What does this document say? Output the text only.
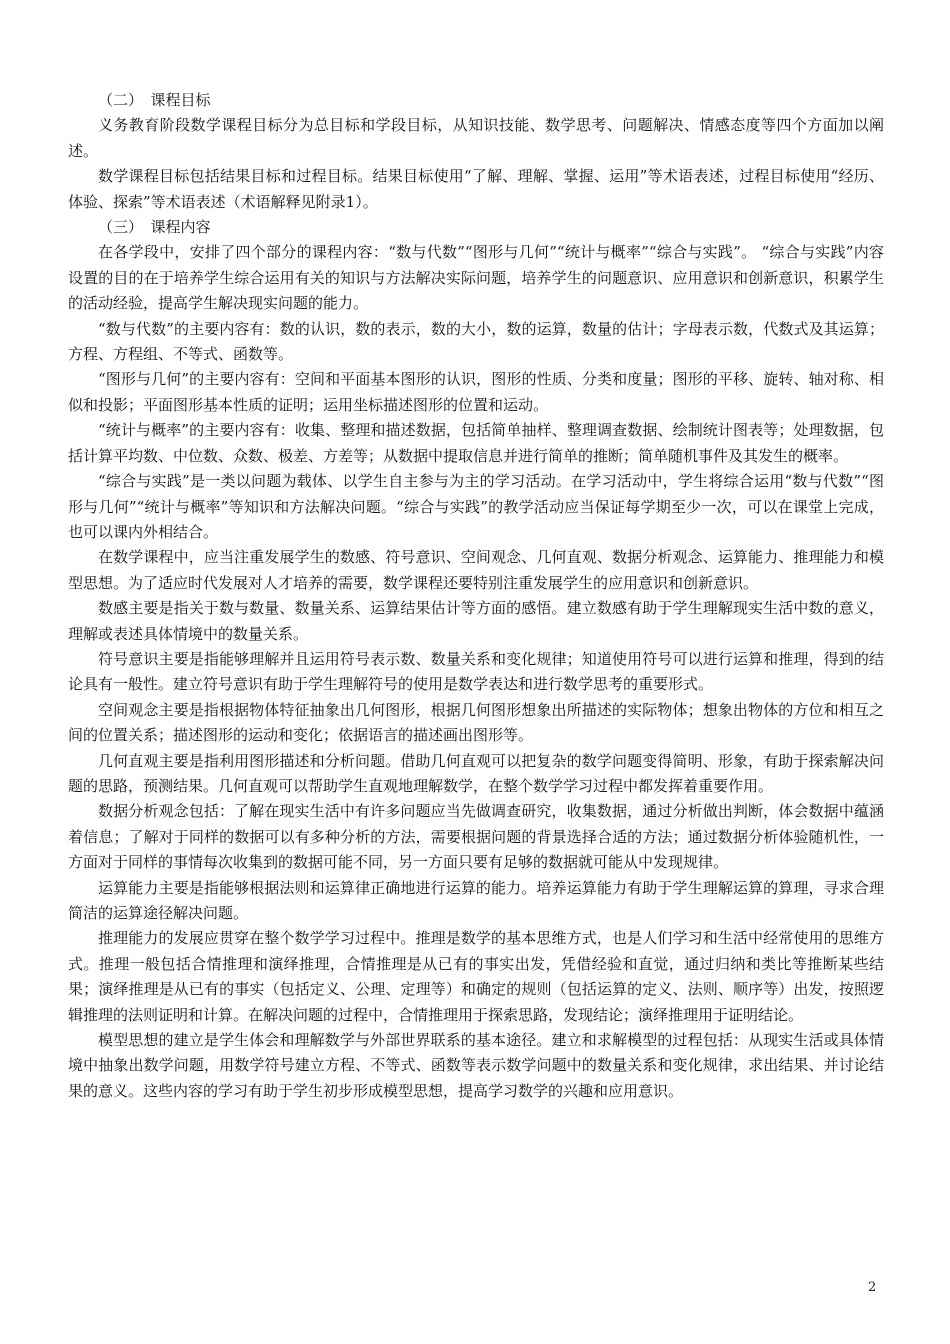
（二）　课程目标

义务教育阶段数学课程目标分为总目标和学段目标，从知识技能、数学思考、问题解决、情感态度等四个方面加以阐述。

数学课程目标包括结果目标和过程目标。结果目标使用“了解、理解、掌握、运用”等术语表述，过程目标使用“经历、体验、探索”等术语表述（术语解释见附录1）。

（三）　课程内容

在各学段中，安排了四个部分的课程内容：“数与代数”“图形与几何”“统计与概率”“综合与实践”。 “综合与实践”内容设置的目的在于培养学生综合运用有关的知识与方法解决实际问题，培养学生的问题意识、应用意识和创新意识，积累学生的活动经验，提高学生解决现实问题的能力。

“数与代数”的主要内容有：数的认识，数的表示，数的大小，数的运算，数量的估计；字母表示数，代数式及其运算；方程、方程组、不等式、函数等。

“图形与几何”的主要内容有：空间和平面基本图形的认识，图形的性质、分类和度量；图形的平移、旋转、轴对称、相似和投影；平面图形基本性质的证明；运用坐标描述图形的位置和运动。

“统计与概率”的主要内容有：收集、整理和描述数据，包括简单抽样、整理调查数据、绘制统计图表等；处理数据，包括计算平均数、中位数、众数、极差、方差等；从数据中提取信息并进行简单的推断；简单随机事件及其发生的概率。

“综合与实践”是一类以问题为载体、以学生自主参与为主的学习活动。在学习活动中，学生将综合运用“数与代数”“图形与几何”“统计与概率”等知识和方法解决问题。“综合与实践”的教学活动应当保证每学期至少一次，可以在课堂上完成，也可以课内外相结合。

在数学课程中，应当注重发展学生的数感、符号意识、空间观念、几何直观、数据分析观念、运算能力、推理能力和模型思想。为了适应时代发展对人才培养的需要，数学课程还要特别注重发展学生的应用意识和创新意识。

数感主要是指关于数与数量、数量关系、运算结果估计等方面的感悟。建立数感有助于学生理解现实生活中数的意义，理解或表述具体情境中的数量关系。

符号意识主要是指能够理解并且运用符号表示数、数量关系和变化规律；知道使用符号可以进行运算和推理，得到的结论具有一般性。建立符号意识有助于学生理解符号的使用是数学表达和进行数学思考的重要形式。

空间观念主要是指根据物体特征抽象出几何图形，根据几何图形想象出所描述的实际物体；想象出物体的方位和相互之间的位置关系；描述图形的运动和变化；依据语言的描述画出图形等。

几何直观主要是指利用图形描述和分析问题。借助几何直观可以把复杂的数学问题变得简明、形象，有助于探索解决问题的思路，预测结果。几何直观可以帮助学生直观地理解数学，在整个数学学习过程中都发挥着重要作用。

数据分析观念包括：了解在现实生活中有许多问题应当先做调查研究，收集数据，通过分析做出判断，体会数据中蕴涵着信息；了解对于同样的数据可以有多种分析的方法，需要根据问题的背景选择合适的方法；通过数据分析体验随机性，一方面对于同样的事情每次收集到的数据可能不同，另一方面只要有足够的数据就可能从中发现规律。

运算能力主要是指能够根据法则和运算律正确地进行运算的能力。培养运算能力有助于学生理解运算的算理，寻求合理简洁的运算途径解决问题。

推理能力的发展应贯穿在整个数学学习过程中。推理是数学的基本思维方式，也是人们学习和生活中经常使用的思维方式。推理一般包括合情推理和演绎推理，合情推理是从已有的事实出发，凭借经验和直觉，通过归纳和类比等推断某些结果；演绎推理是从已有的事实（包括定义、公理、定理等）和确定的规则（包括运算的定义、法则、顺序等）出发，按照逻辑推理的法则证明和计算。在解决问题的过程中，合情推理用于探索思路，发现结论；演绎推理用于证明结论。

模型思想的建立是学生体会和理解数学与外部世界联系的基本途径。建立和求解模型的过程包括：从现实生活或具体情境中抽象出数学问题，用数学符号建立方程、不等式、函数等表示数学问题中的数量关系和变化规律，求出结果、并讨论结果的意义。这些内容的学习有助于学生初步形成模型思想，提高学习数学的兴趣和应用意识。

2
